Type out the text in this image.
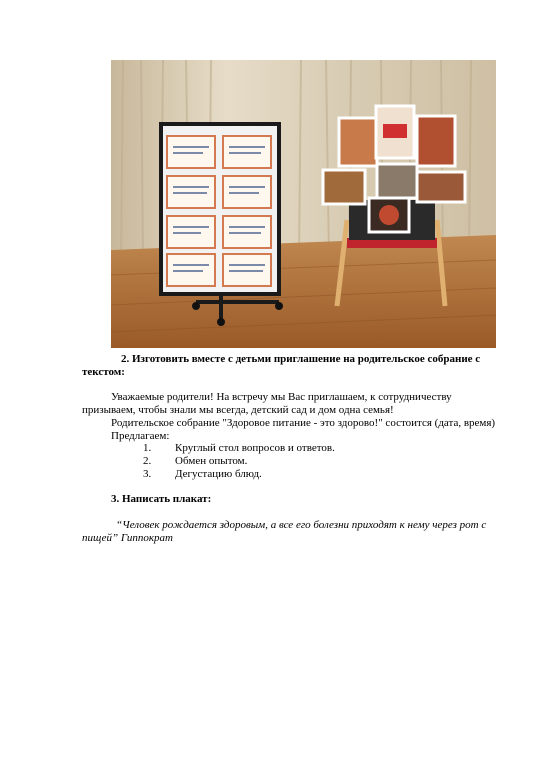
2. Изготовить вместе с детьми приглашение на родительское собрание с
текстом:
Уважаемые родители! На встречу мы Вас приглашаем, к сотрудничеству
призываем, чтобы знали мы всегда, детский сад и дом одна семья!
Родительское собрание "Здоровое питание - это здорово!" состоится (дата, время)
Предлагаем:
1. Круглый стол вопросов и ответов.
2. Обмен опытом.
3. Дегустацию блюд.
3. Написать плакат:
“Человек рождается здоровым, а все его болезни приходят к нему через рот с
пищей” Гиппократ
